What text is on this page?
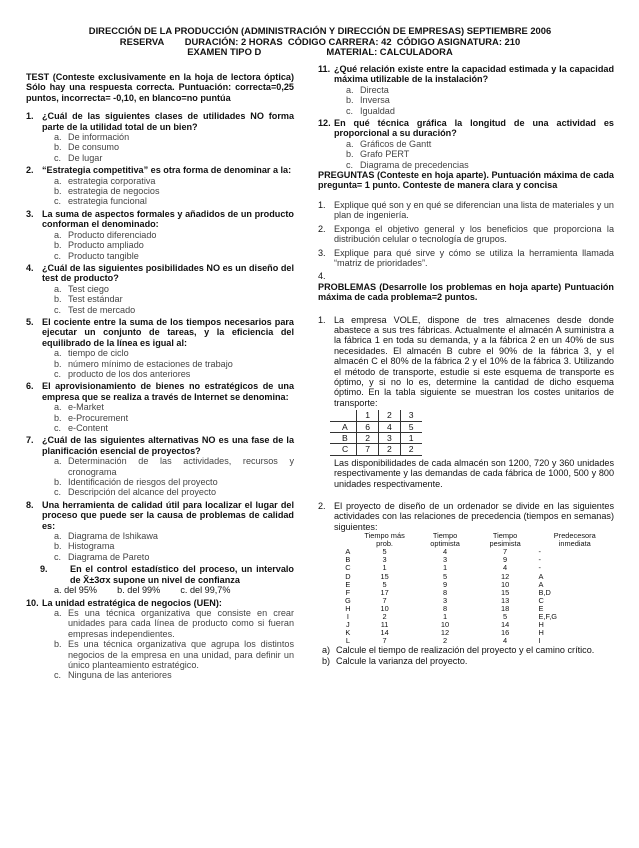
DIRECCIÓN DE LA PRODUCCIÓN (ADMINISTRACIÓN Y DIRECCIÓN DE EMPRESAS) SEPTIEMBRE 2006
RESERVA        DURACIÓN: 2 HORAS  CÓDIGO CARRERA: 42  CÓDIGO ASIGNATURA: 210
EXAMEN TIPO D                         MATERIAL: CALCULADORA
TEST (Conteste exclusivamente en la hoja de lectora óptica) Sólo hay una respuesta correcta. Puntuación: correcta=0,25 puntos, incorrecta= -0,10, en blanco=no puntúa
1. ¿Cuál de las siguientes clases de utilidades NO forma parte de la utilidad total de un bien?
a. De información
b. De consumo
c. De lugar
2. “Estrategia competitiva” es otra forma de denominar a la:
a. estrategia corporativa
b. estrategia de negocios
c. estrategia funcional
3. La suma de aspectos formales y añadidos de un producto conforman el denominado:
a. Producto diferenciado
b. Producto ampliado
c. Producto tangible
4. ¿Cuál de las siguientes posibilidades NO es un diseño del test de producto?
a. Test ciego
b. Test estándar
c. Test de mercado
5. El cociente entre la suma de los tiempos necesarios para ejecutar un conjunto de tareas, y la eficiencia del equilibrado de la línea es igual al:
a. tiempo de ciclo
b. número mínimo de estaciones de trabajo
c. producto de los dos anteriores
6. El aprovisionamiento de bienes no estratégicos de una empresa que se realiza a través de Internet se denomina:
a. e-Market
b. e-Procurement
c. e-Content
7. ¿Cuál de las siguientes alternativas NO es una fase de la planificación esencial de proyectos?
a. Determinación de las actividades, recursos y cronograma
b. Identificación de riesgos del proyecto
c. Descripción del alcance del proyecto
8. Una herramienta de calidad útil para localizar el lugar del proceso que puede ser la causa de problemas de calidad es:
a. Diagrama de Ishikawa
b. Histograma
c. Diagrama de Pareto
9.	En el control estadístico del proceso, un intervalo de X̄±3σx supone un nivel de confianza
a. del 95%        b. del 99%        c. del 99,7%
10. La unidad estratégica de negocios (UEN):
a. Es una técnica organizativa que consiste en crear unidades para cada línea de producto como si fueran empresas independientes.
b. Es una técnica organizativa que agrupa los distintos negocios de la empresa en una unidad, para definir un único planteamiento estratégico.
c. Ninguna de las anteriores
11. ¿Qué relación existe entre la capacidad estimada y la capacidad máxima utilizable de la instalación?
a. Directa
b. Inversa
c. Igualdad
12. En qué técnica gráfica la longitud de una actividad es proporcional a su duración?
a. Gráficos de Gantt
b. Grafo PERT
c. Diagrama de precedencias
PREGUNTAS (Conteste en hoja aparte). Puntuación máxima de cada pregunta= 1 punto. Conteste de manera clara y concisa
1. Explique qué son y en qué se diferencian una lista de materiales y un plan de ingeniería.
2. Exponga el objetivo general y los beneficios que proporciona la distribución celular o tecnología de grupos.
3. Explique para qué sirve y cómo se utiliza la herramienta llamada “matriz de prioridades”.
4.
PROBLEMAS (Desarrolle los problemas en hoja aparte) Puntuación máxima de cada problema=2 puntos.
1. La empresa VOLE, dispone de tres almacenes desde donde abastece a sus tres fábricas. Actualmente el almacén A suministra a la fábrica 1 en toda su demanda, y a la fábrica 2 en un 40% de sus necesidades. El almacén B cubre el 90% de la fábrica 3, y el almacén C el 80% de la fábrica 2 y el 10% de la fábrica 3. Utilizando el método de transporte, estudie si este esquema de transporte es óptimo, y si no lo es, determine la cantidad de dicho esquema óptimo. En la tabla siguiente se muestran los costes unitarios de transporte:
	1	2	3
A	6	4	5
B	2	3	1
C	7	2	2
Las disponibilidades de cada almacén son 1200, 720 y 360 unidades respectivamente y las demandas de cada fábrica de 1000, 500 y 800 unidades respectivamente.
2. El proyecto de diseño de un ordenador se divide en las siguientes actividades con las relaciones de precedencia (tiempos en semanas) siguientes:
	Tiempo más prob.	Tiempo optimista	Tiempo pesimista	Predecesora inmediata
A	5	4	7	-
B	3	3	9	-
C	1	1	4	-
D	15	5	12	A
E	5	9	10	A
F	17	8	15	B,D
G	7	3	13	C
H	10	8	18	E
I	2	1	5	E,F,G
J	11	10	14	H
K	14	12	16	H
L	7	2	4	I
a) Calcule el tiempo de realización del proyecto y el camino crítico.
b) Calcule la varianza del proyecto.
